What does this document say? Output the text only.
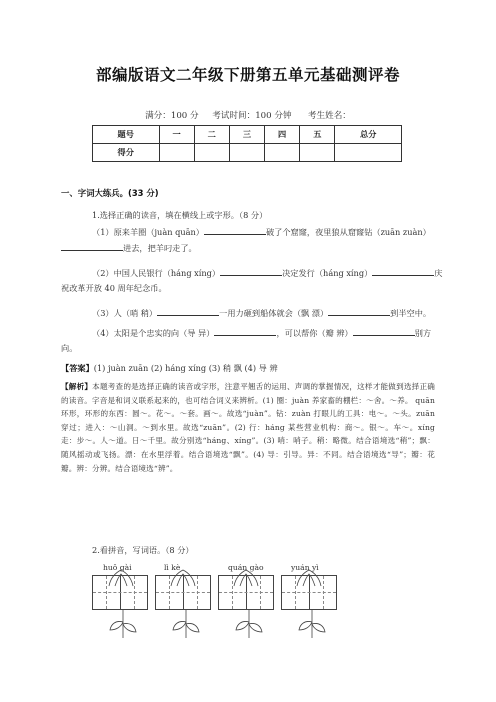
部编版语文二年级下册第五单元基础测评卷
满分：100 分     考试时间：100 分钟      考生姓名：
题号	一	二	三	四	五	总分
得分						
一、字词大练兵。(33 分)
1.选择正确的读音，填在横线上或字形。（8 分）
（1）原来羊圈（juàn quān）	破了个窟窿，夜里狼从窟窿钻（zuān zuàn）
进去，把羊叼走了。
（2）中国人民银行（háng xíng）	决定发行（háng xíng）	庆
祝改革开放 40 周年纪念币。
（3）人（哨 稍）	一用力砸到船体就会（飘 漂）	到半空中。
（4）太阳是个忠实的向（导 异）	，可以帮你（瓣 辨）	别方
向。
【答案】(1) juàn zuān (2) háng xíng (3) 稍 飘 (4) 导 辨
【解析】本题考查的是选择正确的读音或字形，注意平翘舌的运用、声调的掌握情况，这样才能做到选择正确的读音。字音是和词义联系起来的，也可结合词义来辨析。(1) 圈：juàn 养家畜的棚栏：～舍。～养。 quān 环形，环形的东西：圆～。花～。～套。画～。故选“juàn”。钻：zuàn 打眼儿的工具：电～。～头。zuān 穿过；进入：～山洞。～到水里。故选“zuān”。(2) 行：háng 某些营业机构：商～。银～。车～。xíng 走：步～。人～道。日～千里。故分别选“háng、xíng”。(3) 哨：哨子。稍：略微。结合语境选“稍”；飘：随风摇动或飞扬。漂：在水里浮着。结合语境选“飘”。(4) 导：引导。异：不同。结合语境选“导”；瓣：花瓣。辨：分辨。结合语境选“辨”。
2.看拼音，写词语。（8 分）
huǒ gài	lì kè	quán gào	yuán yì
